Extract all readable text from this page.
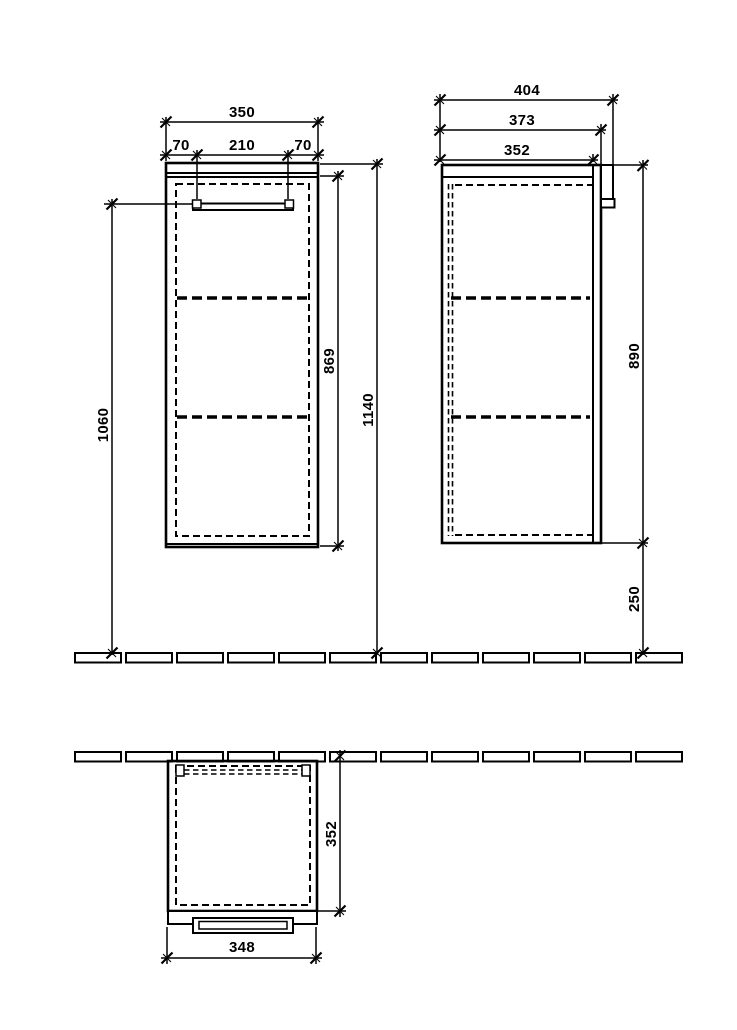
350
70	210	70
1060
869
1140
404
373
352
890
250
352
348
